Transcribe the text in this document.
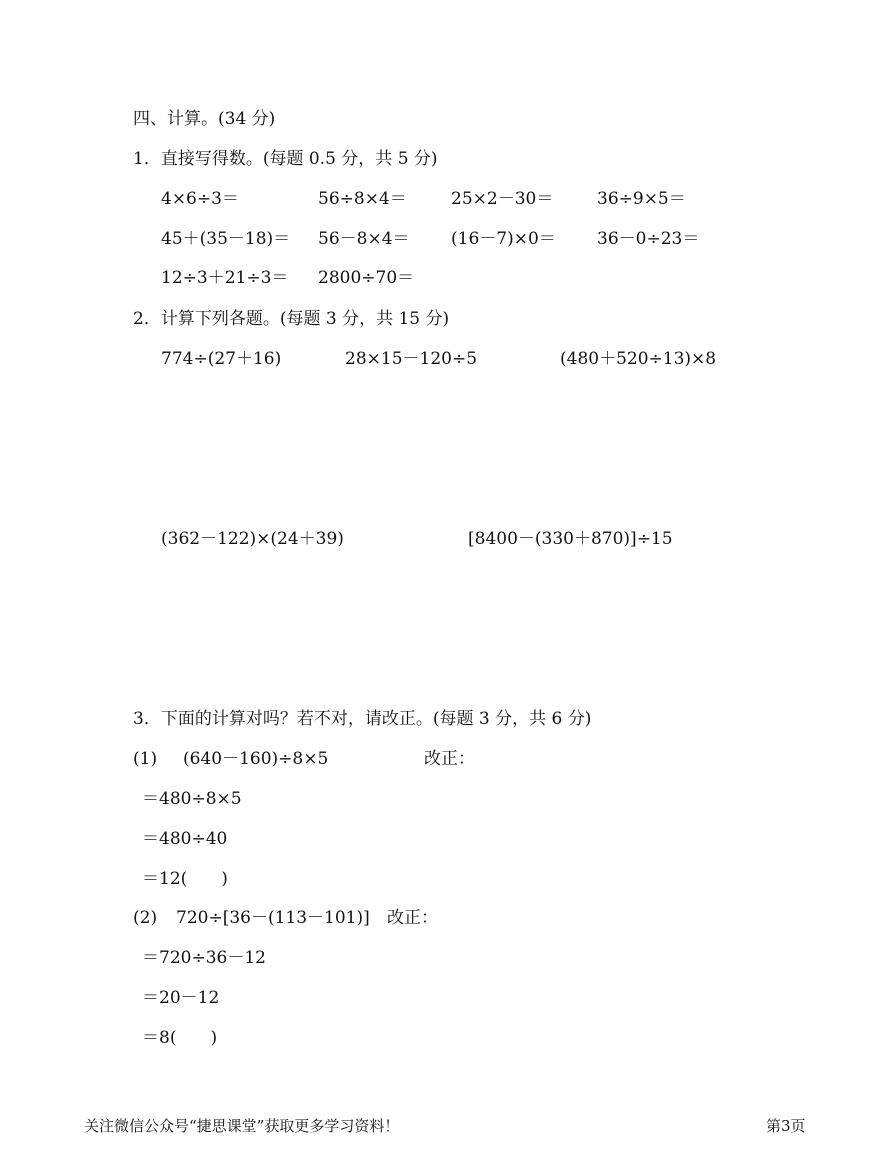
四、计算。(34 分)
1．直接写得数。(每题 0.5 分，共 5 分)
4×6÷3＝	56÷8×4＝	25×2－30＝	36÷9×5＝
45＋(35－18)＝ 56－8×4＝ (16－7)×0＝ 36－0÷23＝
12÷3＋21÷3＝ 2800÷70＝
2．计算下列各题。(每题 3 分，共 15 分)
774÷(27＋16)	28×15－120÷5	(480＋520÷13)×8
(362－122)×(24＋39)	[8400－(330＋870)]÷15
3．下面的计算对吗？若不对，请改正。(每题 3 分，共 6 分)
(1) (640－160)÷8×5	改正：
＝480÷8×5
＝480÷40
＝12(　　)
(2) 720÷[36－(113－101)] 改正：
＝720÷36－12
＝20－12
＝8(　　)
关注微信公众号“捷思课堂”获取更多学习资料！	第3页
